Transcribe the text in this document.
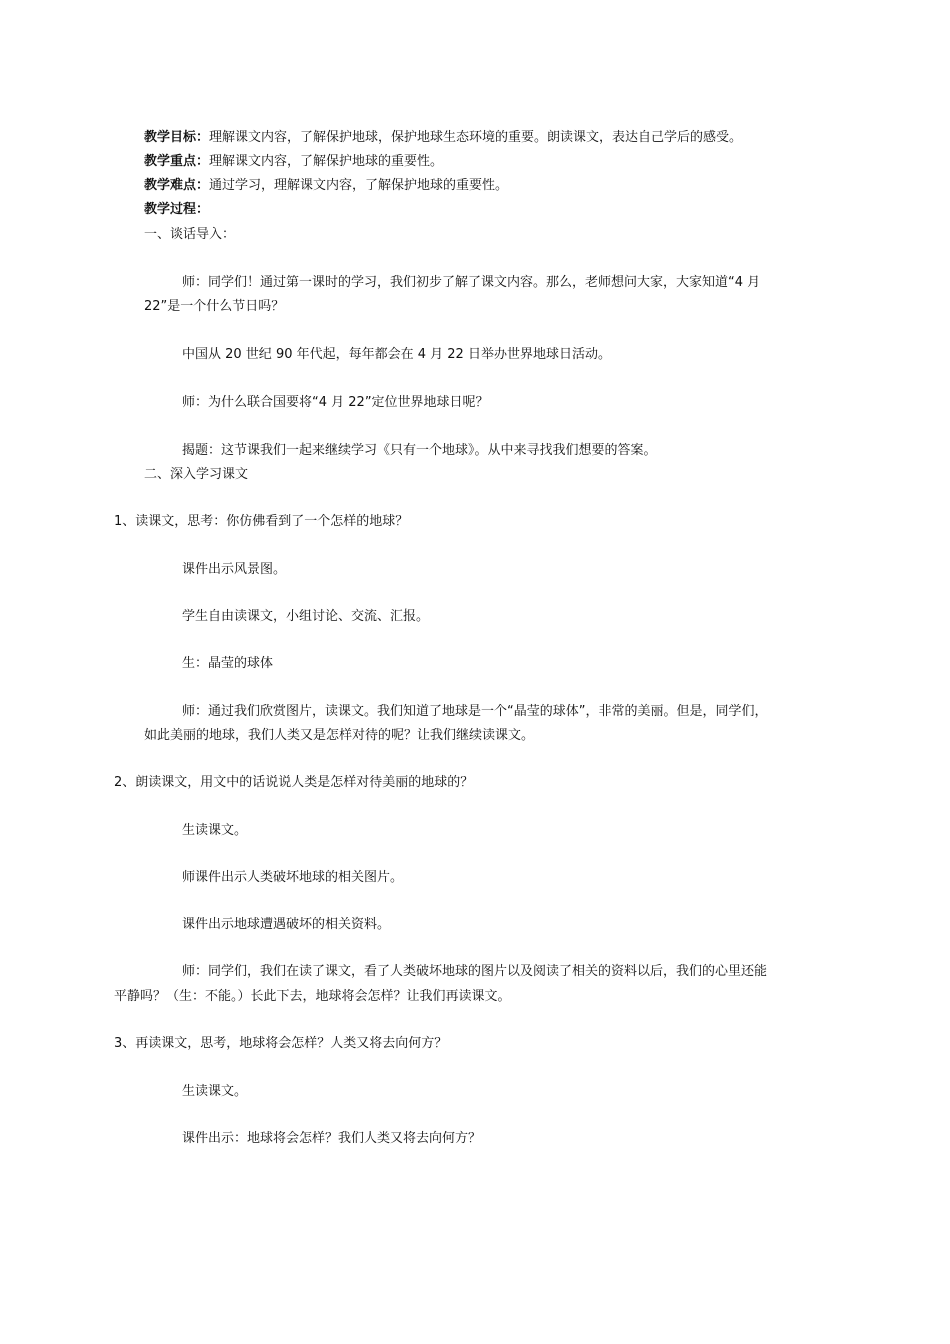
教学目标：理解课文内容，了解保护地球，保护地球生态环境的重要。朗读课文，表达自己学后的感受。
教学重点：理解课文内容，了解保护地球的重要性。
教学难点：通过学习，理解课文内容，了解保护地球的重要性。
教学过程：
一、谈话导入：
师：同学们！通过第一课时的学习，我们初步了解了课文内容。那么，老师想问大家，大家知道“4 月
22”是一个什么节日吗？
中国从 20 世纪 90 年代起，每年都会在 4 月 22 日举办世界地球日活动。
师：为什么联合国要将“4 月 22”定位世界地球日呢？
揭题：这节课我们一起来继续学习《只有一个地球》。从中来寻找我们想要的答案。
二、深入学习课文
1、读课文，思考：你仿佛看到了一个怎样的地球？
课件出示风景图。
学生自由读课文，小组讨论、交流、汇报。
生：晶莹的球体
师：通过我们欣赏图片，读课文。我们知道了地球是一个“晶莹的球体”，非常的美丽。但是，同学们，
如此美丽的地球，我们人类又是怎样对待的呢？让我们继续读课文。
2、朗读课文，用文中的话说说人类是怎样对待美丽的地球的？
生读课文。
师课件出示人类破坏地球的相关图片。
课件出示地球遭遇破坏的相关资料。
师：同学们，我们在读了课文，看了人类破坏地球的图片以及阅读了相关的资料以后，我们的心里还能
平静吗？（生：不能。）长此下去，地球将会怎样？让我们再读课文。
3、再读课文，思考，地球将会怎样？人类又将去向何方？
生读课文。
课件出示：地球将会怎样？我们人类又将去向何方？
